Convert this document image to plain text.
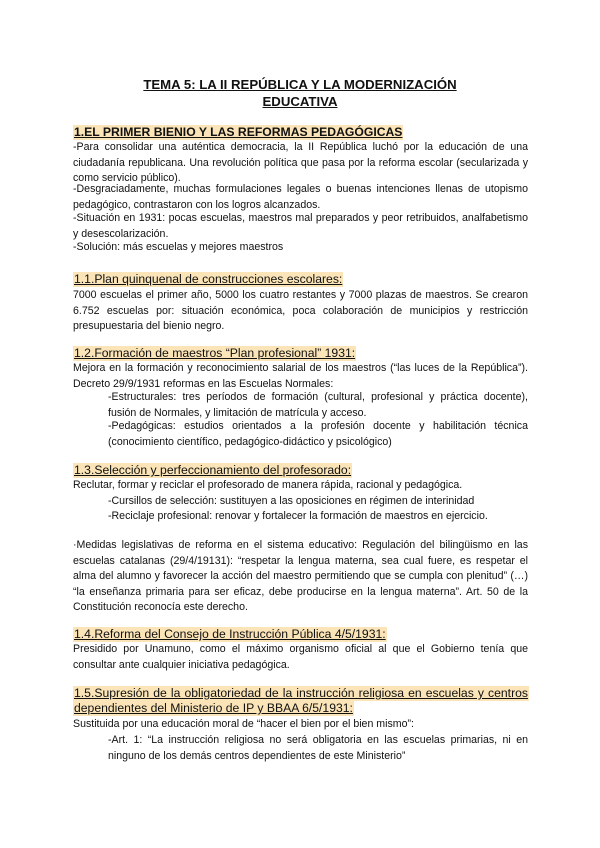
TEMA 5: LA II REPÚBLICA Y LA MODERNIZACIÓN
EDUCATIVA
1.EL PRIMER BIENIO Y LAS REFORMAS PEDAGÓGICAS

-Para consolidar una auténtica democracia, la II República luchó por la educación de una ciudadanía republicana. Una revolución política que pasa por la reforma escolar (secularizada y como servicio público).

-Desgraciadamente, muchas formulaciones legales o buenas intenciones llenas de utopismo pedagógico, contrastaron con los logros alcanzados.

-Situación en 1931: pocas escuelas, maestros mal preparados y peor retribuidos, analfabetismo y desescolarización.

-Solución: más escuelas y mejores maestros

1.1.Plan quinquenal de construcciones escolares:

7000 escuelas el primer año, 5000 los cuatro restantes y 7000 plazas de maestros. Se crearon 6.752 escuelas por: situación económica, poca colaboración de municipios y restricción presupuestaria del bienio negro.

1.2.Formación de maestros “Plan profesional” 1931:

Mejora en la formación y reconocimiento salarial de los maestros (“las luces de la República”). Decreto 29/9/1931 reformas en las Escuelas Normales:

-Estructurales: tres períodos de formación (cultural, profesional y práctica docente), fusión de Normales, y limitación de matrícula y acceso.

-Pedagógicas: estudios orientados a la profesión docente y habilitación técnica (conocimiento científico, pedagógico-didáctico y psicológico)

1.3.Selección y perfeccionamiento del profesorado:

Reclutar, formar y reciclar el profesorado de manera rápida, racional y pedagógica.

-Cursillos de selección: sustituyen a las oposiciones en régimen de interinidad

-Reciclaje profesional: renovar y fortalecer la formación de maestros en ejercicio.

·Medidas legislativas de reforma en el sistema educativo: Regulación del bilingüismo en las escuelas catalanas (29/4/19131): “respetar la lengua materna, sea cual fuere, es respetar el alma del alumno y favorecer la acción del maestro permitiendo que se cumpla con plenitud” (…) “la enseñanza primaria para ser eficaz, debe producirse en la lengua materna”. Art. 50 de la Constitución reconocía este derecho.

1.4.Reforma del Consejo de Instrucción Pública 4/5/1931:

Presidido por Unamuno, como el máximo organismo oficial al que el Gobierno tenía que consultar ante cualquier iniciativa pedagógica.

1.5.Supresión de la obligatoriedad de la instrucción religiosa en escuelas y centros
dependientes del Ministerio de IP y BBAA 6/5/1931:

Sustituida por una educación moral de “hacer el bien por el bien mismo”:

-Art. 1: “La instrucción religiosa no será obligatoria en las escuelas primarias, ni en ninguno de los demás centros dependientes de este Ministerio”
